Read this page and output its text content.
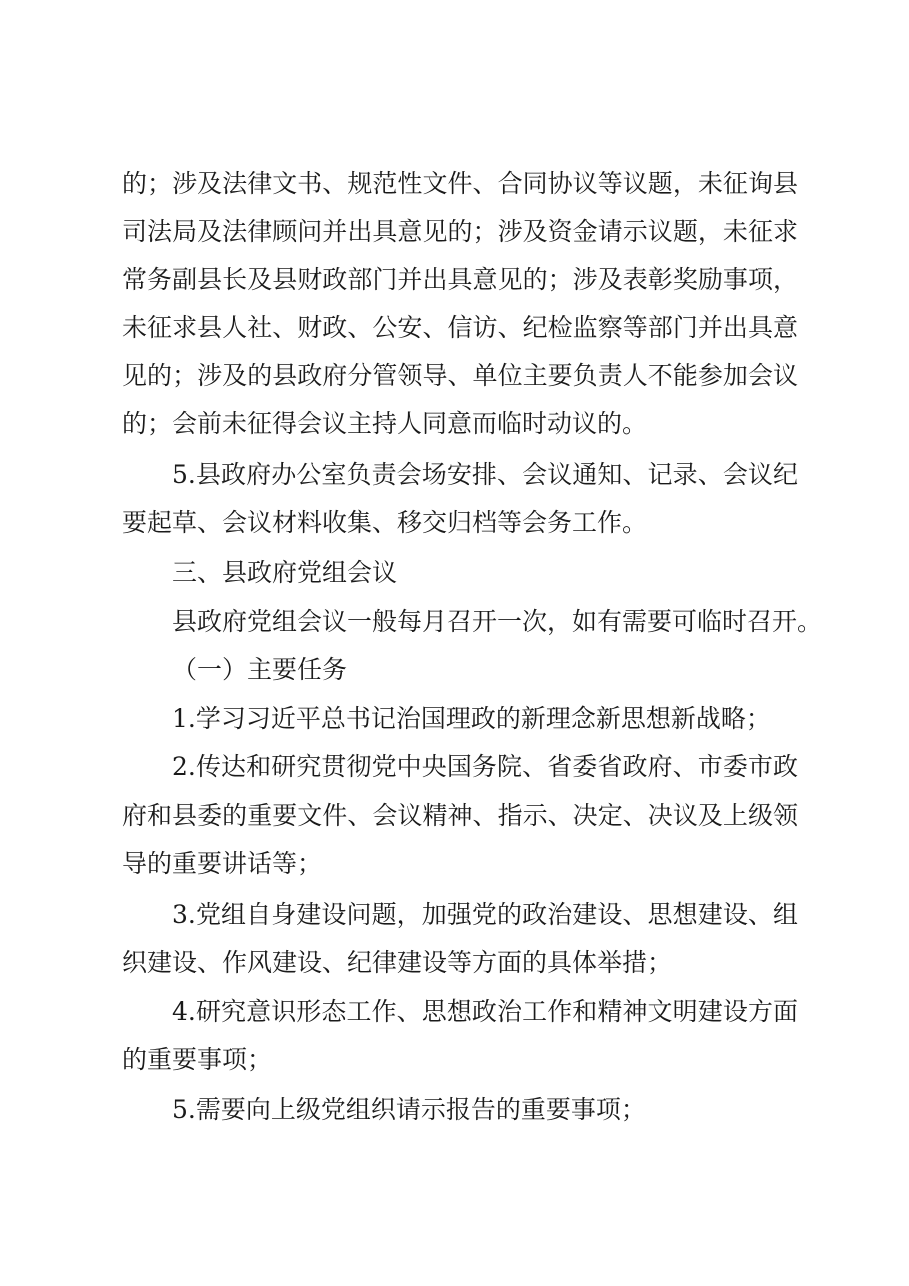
的；涉及法律文书、规范性文件、合同协议等议题，未征询县
司法局及法律顾问并出具意见的；涉及资金请示议题，未征求
常务副县长及县财政部门并出具意见的；涉及表彰奖励事项，
未征求县人社、财政、公安、信访、纪检监察等部门并出具意
见的；涉及的县政府分管领导、单位主要负责人不能参加会议
的；会前未征得会议主持人同意而临时动议的。
5.县政府办公室负责会场安排、会议通知、记录、会议纪
要起草、会议材料收集、移交归档等会务工作。
三、县政府党组会议
县政府党组会议一般每月召开一次，如有需要可临时召开。
（一）主要任务
1.学习习近平总书记治国理政的新理念新思想新战略；
2.传达和研究贯彻党中央国务院、省委省政府、市委市政
府和县委的重要文件、会议精神、指示、决定、决议及上级领
导的重要讲话等；
3.党组自身建设问题，加强党的政治建设、思想建设、组
织建设、作风建设、纪律建设等方面的具体举措；
4.研究意识形态工作、思想政治工作和精神文明建设方面
的重要事项；
5.需要向上级党组织请示报告的重要事项；
